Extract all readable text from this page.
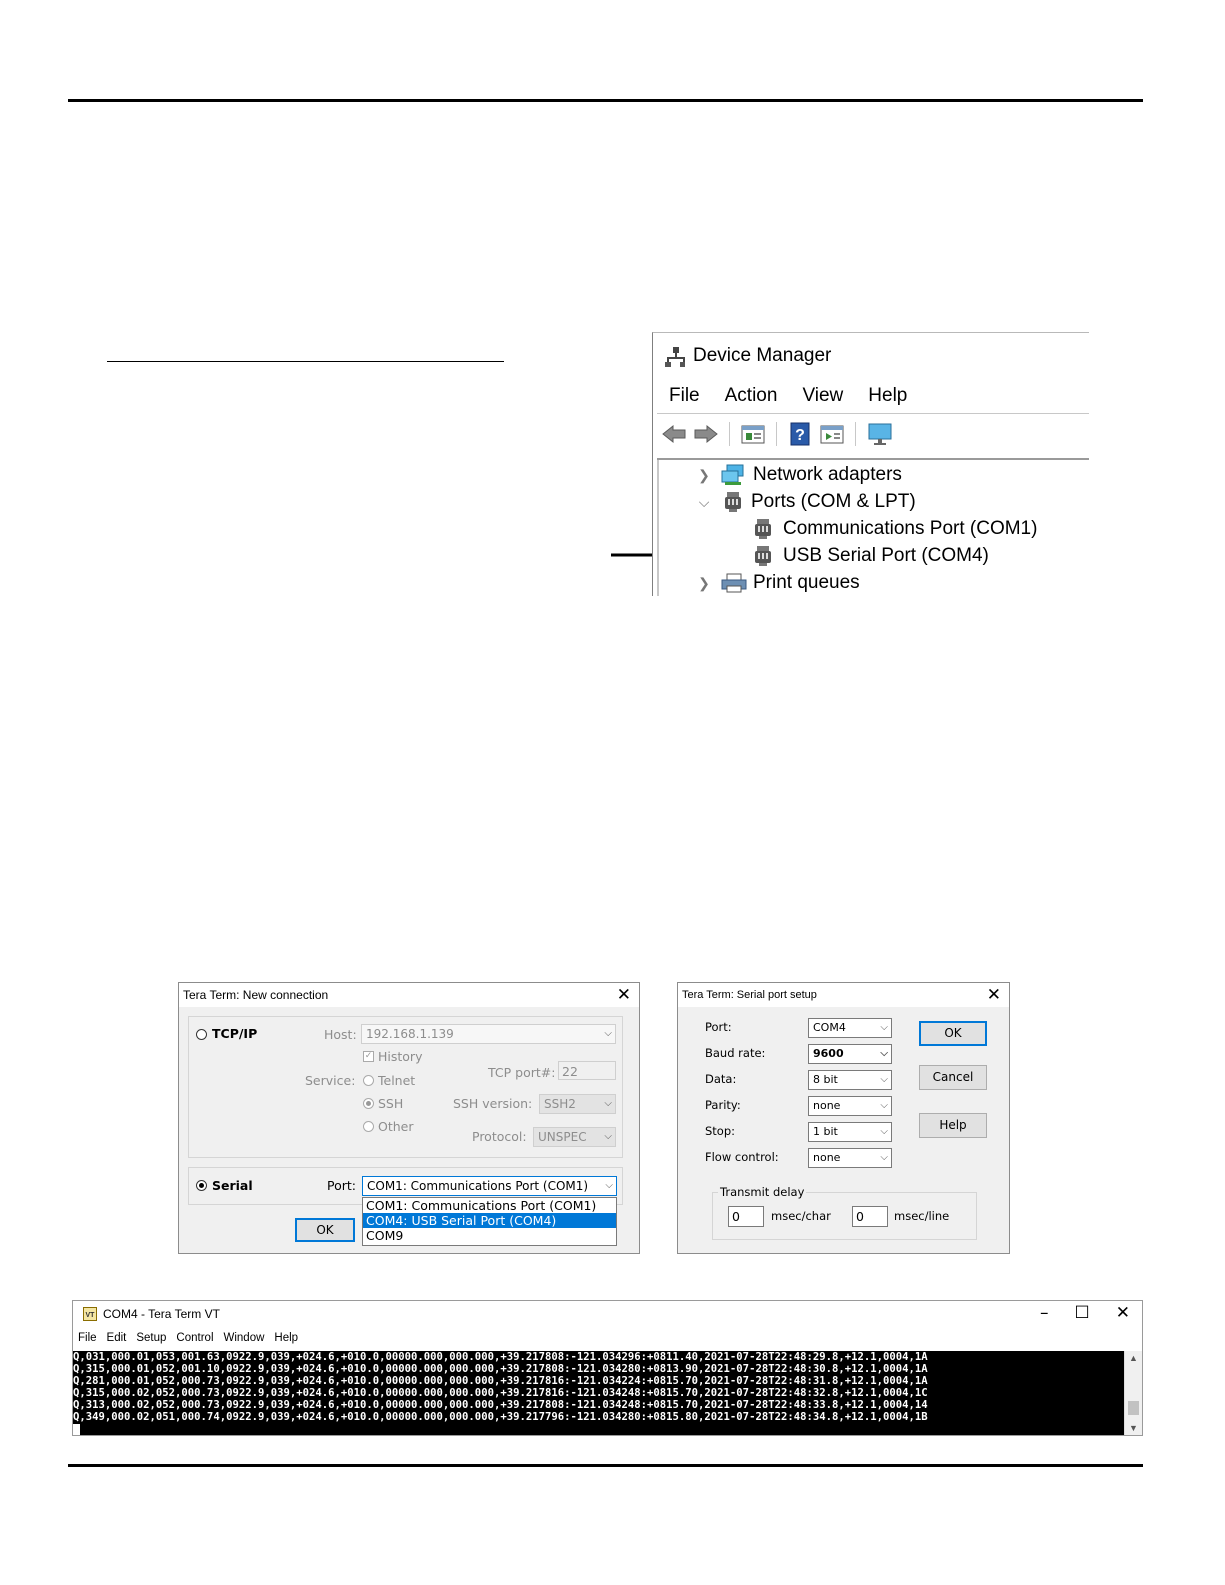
Device Manager
File Action View Help
?
❯ Network adapters
⌵ Ports (COM & LPT)
Communications Port (COM1)
USB Serial Port (COM4)
❯ Print queues
Tera Term: New connection	✕
TCP/IP	Host: 192.168.1.139	⌵
✓ History
Service: Telnet
TCP port#: 22
SSH	SSH version: SSH2	⌵
Other
Protocol: UNSPEC ⌵
Serial	Port: COM1: Communications Port (COM1) ⌵
COM1: Communications Port (COM1)
COM4: USB Serial Port (COM4)
COM9
OK
Tera Term: Serial port setup	✕
Port:	COM4	⌵
Baud rate:	9600	⌵
Data:	8 bit	⌵
Parity:	none	⌵
Stop:	1 bit	⌵
Flow control:	none	⌵
OK
Cancel
Help
Transmit delay
0	msec/char	0	msec/line
VT COM4 - Tera Term VT	– ☐ ✕
File Edit Setup Control Window Help
Q,031,000.01,053,001.63,0922.9,039,+024.6,+010.0,00000.000,000.000,+39.217808:-121.034296:+0811.40,2021-07-28T22:48:29.8,+12.1,0004,1A
Q,315,000.01,052,001.10,0922.9,039,+024.6,+010.0,00000.000,000.000,+39.217808:-121.034280:+0813.90,2021-07-28T22:48:30.8,+12.1,0004,1A
Q,281,000.01,052,000.73,0922.9,039,+024.6,+010.0,00000.000,000.000,+39.217816:-121.034224:+0815.70,2021-07-28T22:48:31.8,+12.1,0004,1A
Q,315,000.02,052,000.73,0922.9,039,+024.6,+010.0,00000.000,000.000,+39.217816:-121.034248:+0815.70,2021-07-28T22:48:32.8,+12.1,0004,1C
Q,313,000.02,052,000.73,0922.9,039,+024.6,+010.0,00000.000,000.000,+39.217808:-121.034248:+0815.70,2021-07-28T22:48:33.8,+12.1,0004,14
Q,349,000.02,051,000.74,0922.9,039,+024.6,+010.0,00000.000,000.000,+39.217796:-121.034280:+0815.80,2021-07-28T22:48:34.8,+12.1,0004,1B
▲
▼
